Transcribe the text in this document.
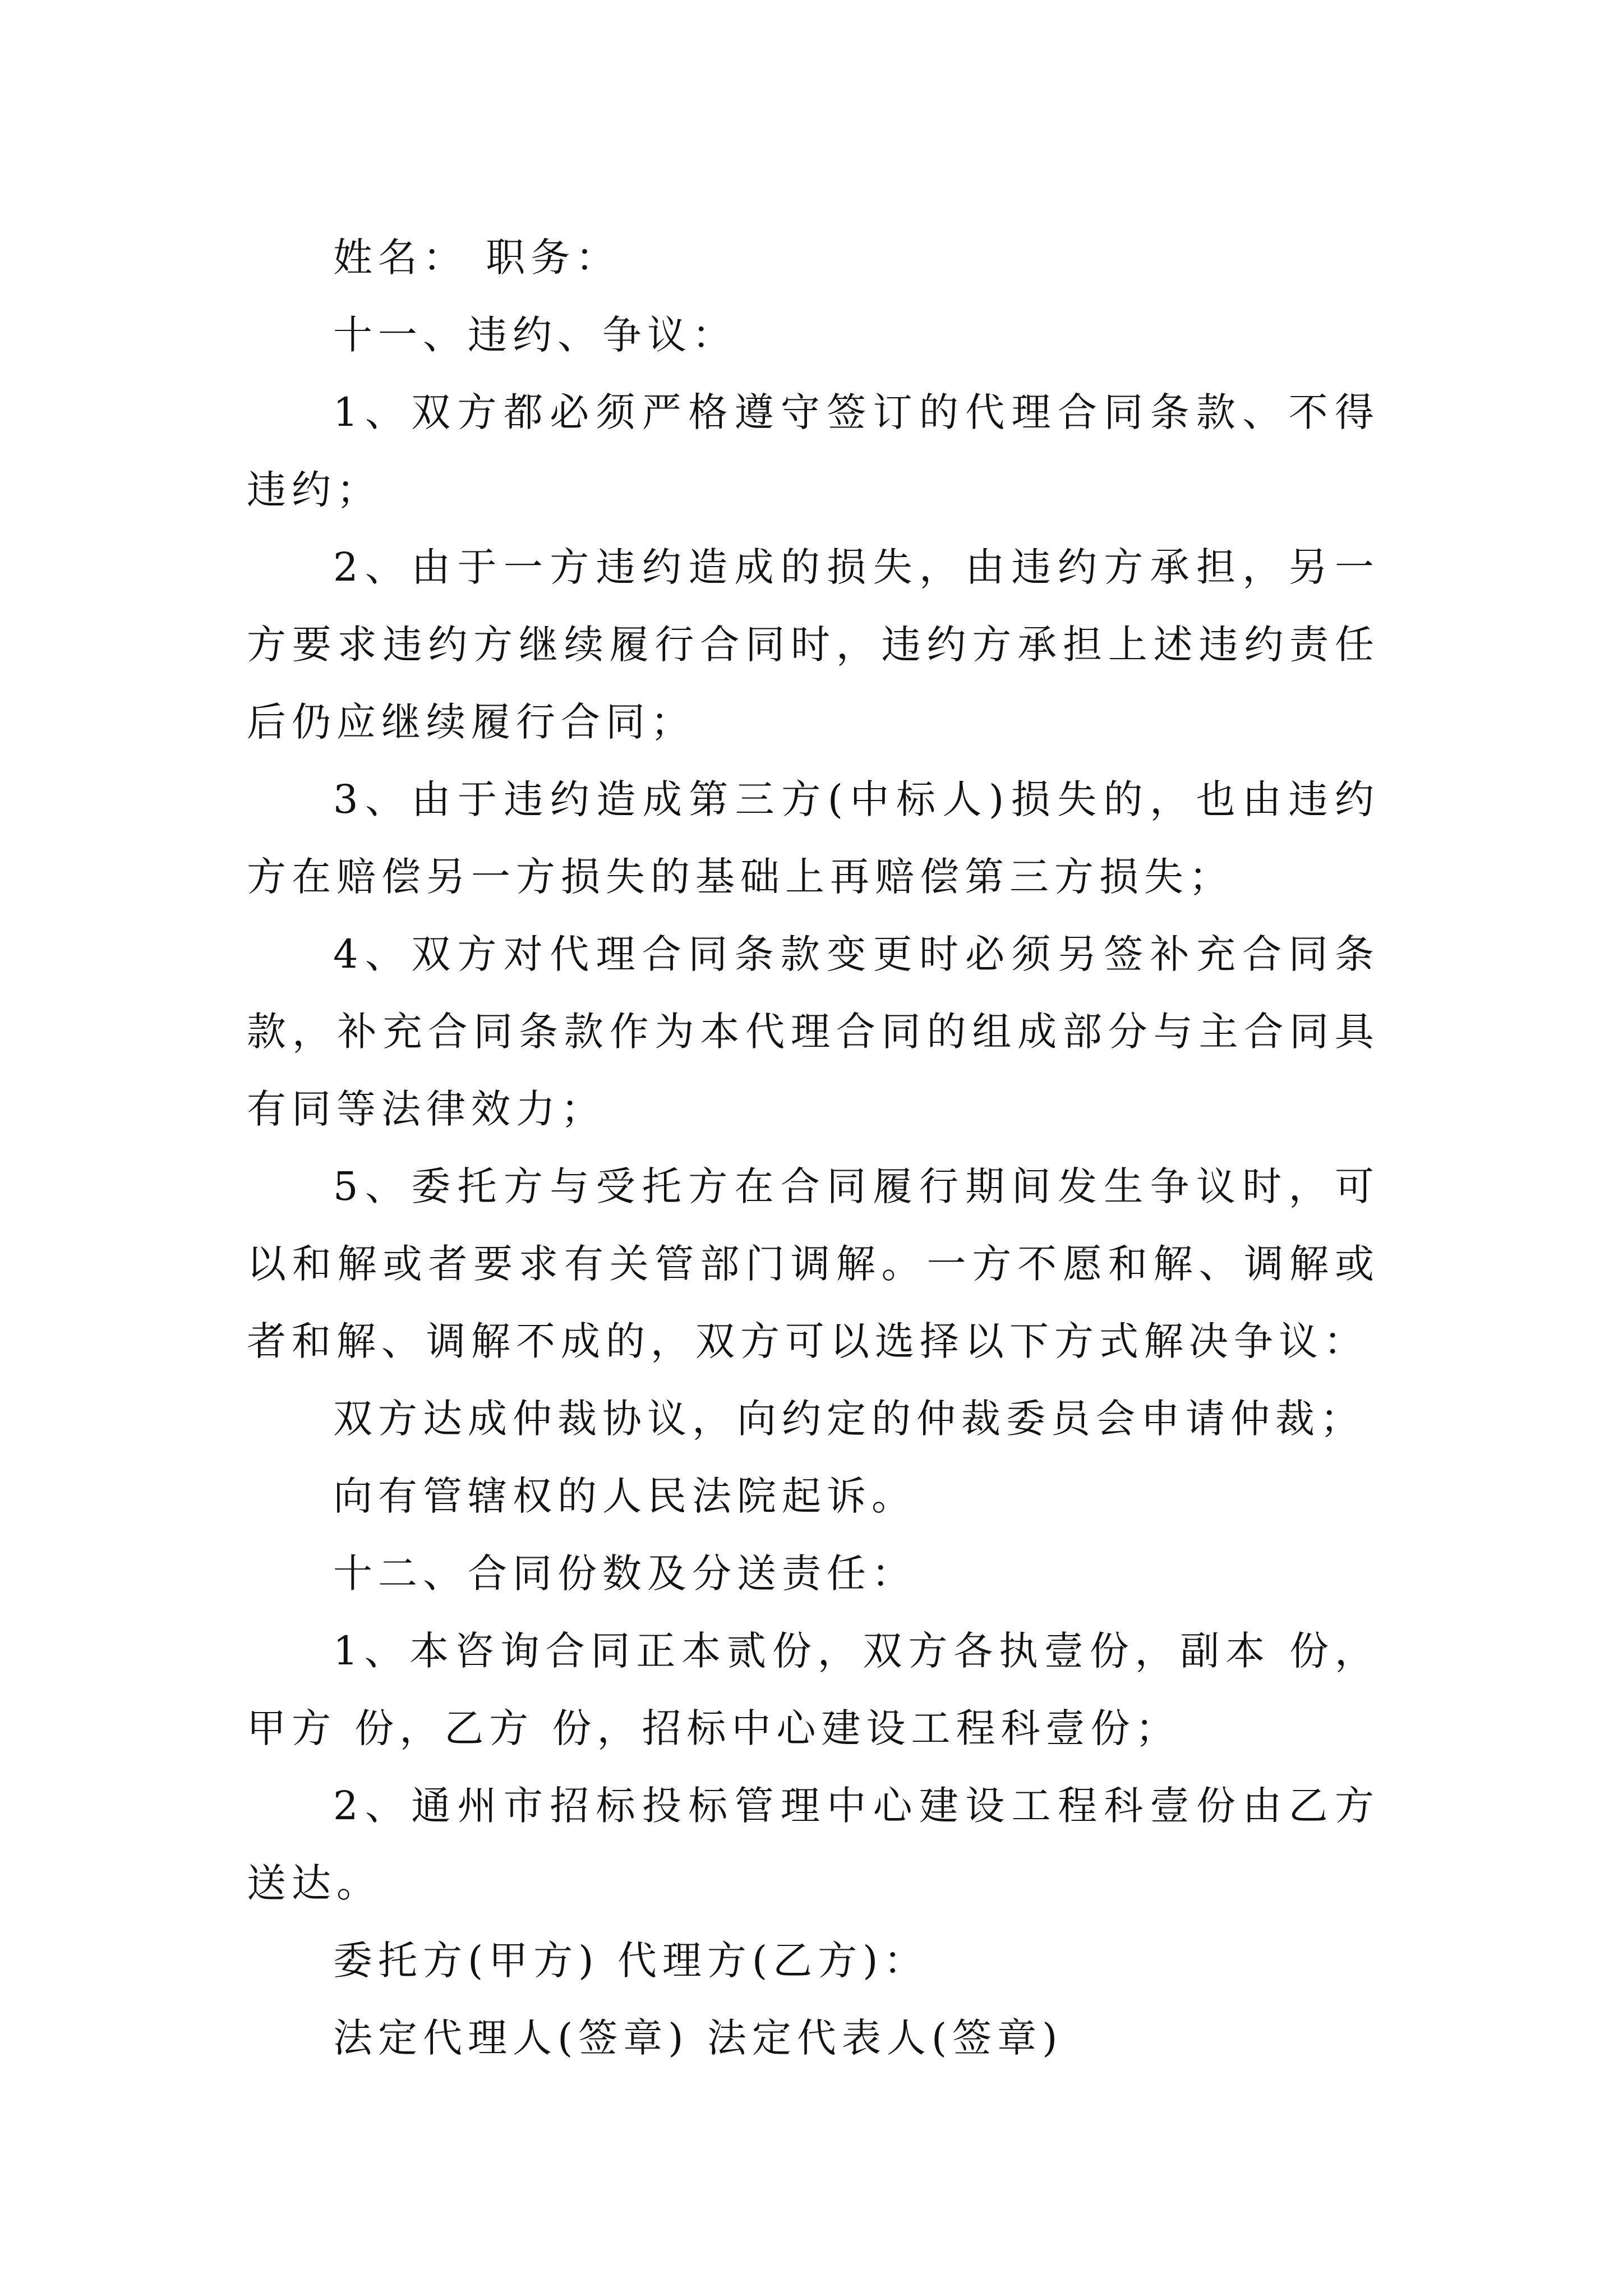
姓名： 职务：

十一、违约、争议：

1、双方都必须严格遵守签订的代理合同条款、不得违约；

2、由于一方违约造成的损失，由违约方承担，另一方要求违约方继续履行合同时，违约方承担上述违约责任后仍应继续履行合同；

3、由于违约造成第三方(中标人)损失的，也由违约方在赔偿另一方损失的基础上再赔偿第三方损失；

4、双方对代理合同条款变更时必须另签补充合同条款，补充合同条款作为本代理合同的组成部分与主合同具有同等法律效力；

5、委托方与受托方在合同履行期间发生争议时，可以和解或者要求有关管部门调解。一方不愿和解、调解或者和解、调解不成的，双方可以选择以下方式解决争议：

双方达成仲裁协议，向约定的仲裁委员会申请仲裁；

向有管辖权的人民法院起诉。

十二、合同份数及分送责任：

1、本咨询合同正本贰份，双方各执壹份，副本 份，甲方 份，乙方 份，招标中心建设工程科壹份；

2、通州市招标投标管理中心建设工程科壹份由乙方送达。

委托方(甲方) 代理方(乙方)：

法定代理人(签章) 法定代表人(签章)
